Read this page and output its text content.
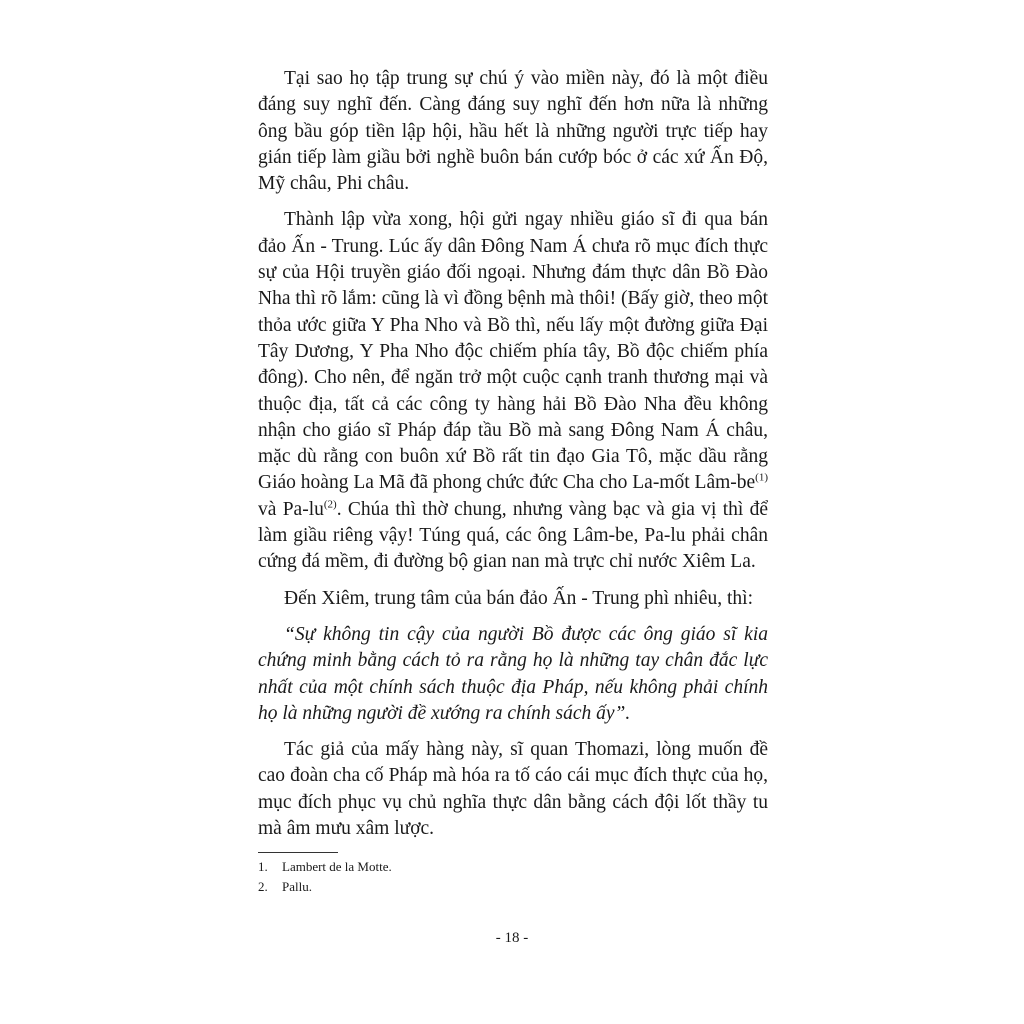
Tại sao họ tập trung sự chú ý vào miền này, đó là một điều đáng suy nghĩ đến. Càng đáng suy nghĩ đến hơn nữa là những ông bầu góp tiền lập hội, hầu hết là những người trực tiếp hay gián tiếp làm giầu bởi nghề buôn bán cướp bóc ở các xứ Ấn Độ, Mỹ châu, Phi châu.

Thành lập vừa xong, hội gửi ngay nhiều giáo sĩ đi qua bán đảo Ấn - Trung. Lúc ấy dân Đông Nam Á chưa rõ mục đích thực sự của Hội truyền giáo đối ngoại. Nhưng đám thực dân Bồ Đào Nha thì rõ lắm: cũng là vì đồng bệnh mà thôi! (Bấy giờ, theo một thỏa ước giữa Y Pha Nho và Bồ thì, nếu lấy một đường giữa Đại Tây Dương, Y Pha Nho độc chiếm phía tây, Bồ độc chiếm phía đông). Cho nên, để ngăn trở một cuộc cạnh tranh thương mại và thuộc địa, tất cả các công ty hàng hải Bồ Đào Nha đều không nhận cho giáo sĩ Pháp đáp tầu Bồ mà sang Đông Nam Á châu, mặc dù rằng con buôn xứ Bồ rất tin đạo Gia Tô, mặc dầu rằng Giáo hoàng La Mã đã phong chức đức Cha cho La-mốt Lâm-$be^{(1)}$ và $Pa-lu^{(2)}$. Chúa thì thờ chung, nhưng vàng bạc và gia vị thì để làm giầu riêng vậy! Túng quá, các ông Lâm-be, Pa-lu phải chân cứng đá mềm, đi đường bộ gian nan mà trực chỉ nước Xiêm La.

Đến Xiêm, trung tâm của bán đảo Ấn - Trung phì nhiêu, thì:

“Sự không tin cậy của người Bồ được các ông giáo sĩ kia chứng minh bằng cách tỏ ra rằng họ là những tay chân đắc lực nhất của một chính sách thuộc địa Pháp, nếu không phải chính họ là những người đề xướng ra chính sách ấy”.

Tác giả của mấy hàng này, sĩ quan Thomazi, lòng muốn đề cao đoàn cha cố Pháp mà hóa ra tố cáo cái mục đích thực của họ, mục đích phục vụ chủ nghĩa thực dân bằng cách đội lốt thầy tu mà âm mưu xâm lược.

1.	Lambert de la Motte.
2.	Pallu.
- 18 -
